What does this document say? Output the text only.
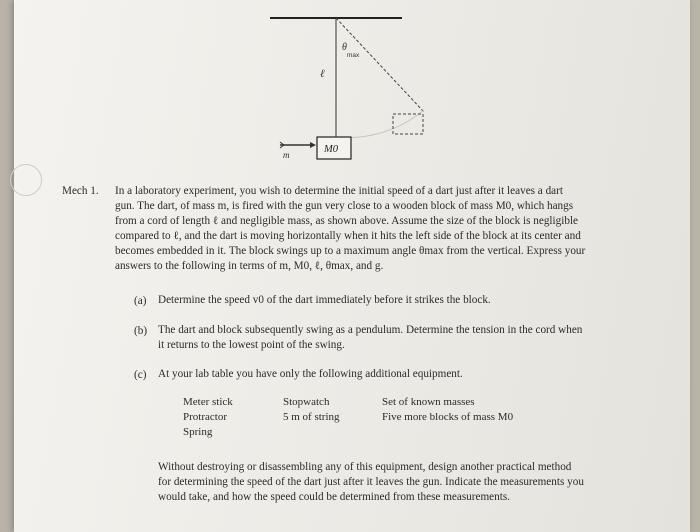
θ
max
ℓ
M0
m
Mech 1. In a laboratory experiment, you wish to determine the initial speed of a dart just after it leaves a dart
gun. The dart, of mass m, is fired with the gun very close to a wooden block of mass M0, which hangs
from a cord of length ℓ and negligible mass, as shown above. Assume the size of the block is negligible
compared to ℓ, and the dart is moving horizontally when it hits the left side of the block at its center and
becomes embedded in it. The block swings up to a maximum angle θmax from the vertical. Express your
answers to the following in terms of m, M0, ℓ, θmax, and g.
(a) Determine the speed v0 of the dart immediately before it strikes the block.
(b) The dart and block subsequently swing as a pendulum. Determine the tension in the cord when
it returns to the lowest point of the swing.
(c) At your lab table you have only the following additional equipment.
Meter stick
Protractor
Spring
Stopwatch
5 m of string
Set of known masses
Five more blocks of mass M0
Without destroying or disassembling any of this equipment, design another practical method
for determining the speed of the dart just after it leaves the gun. Indicate the measurements you
would take, and how the speed could be determined from these measurements.
